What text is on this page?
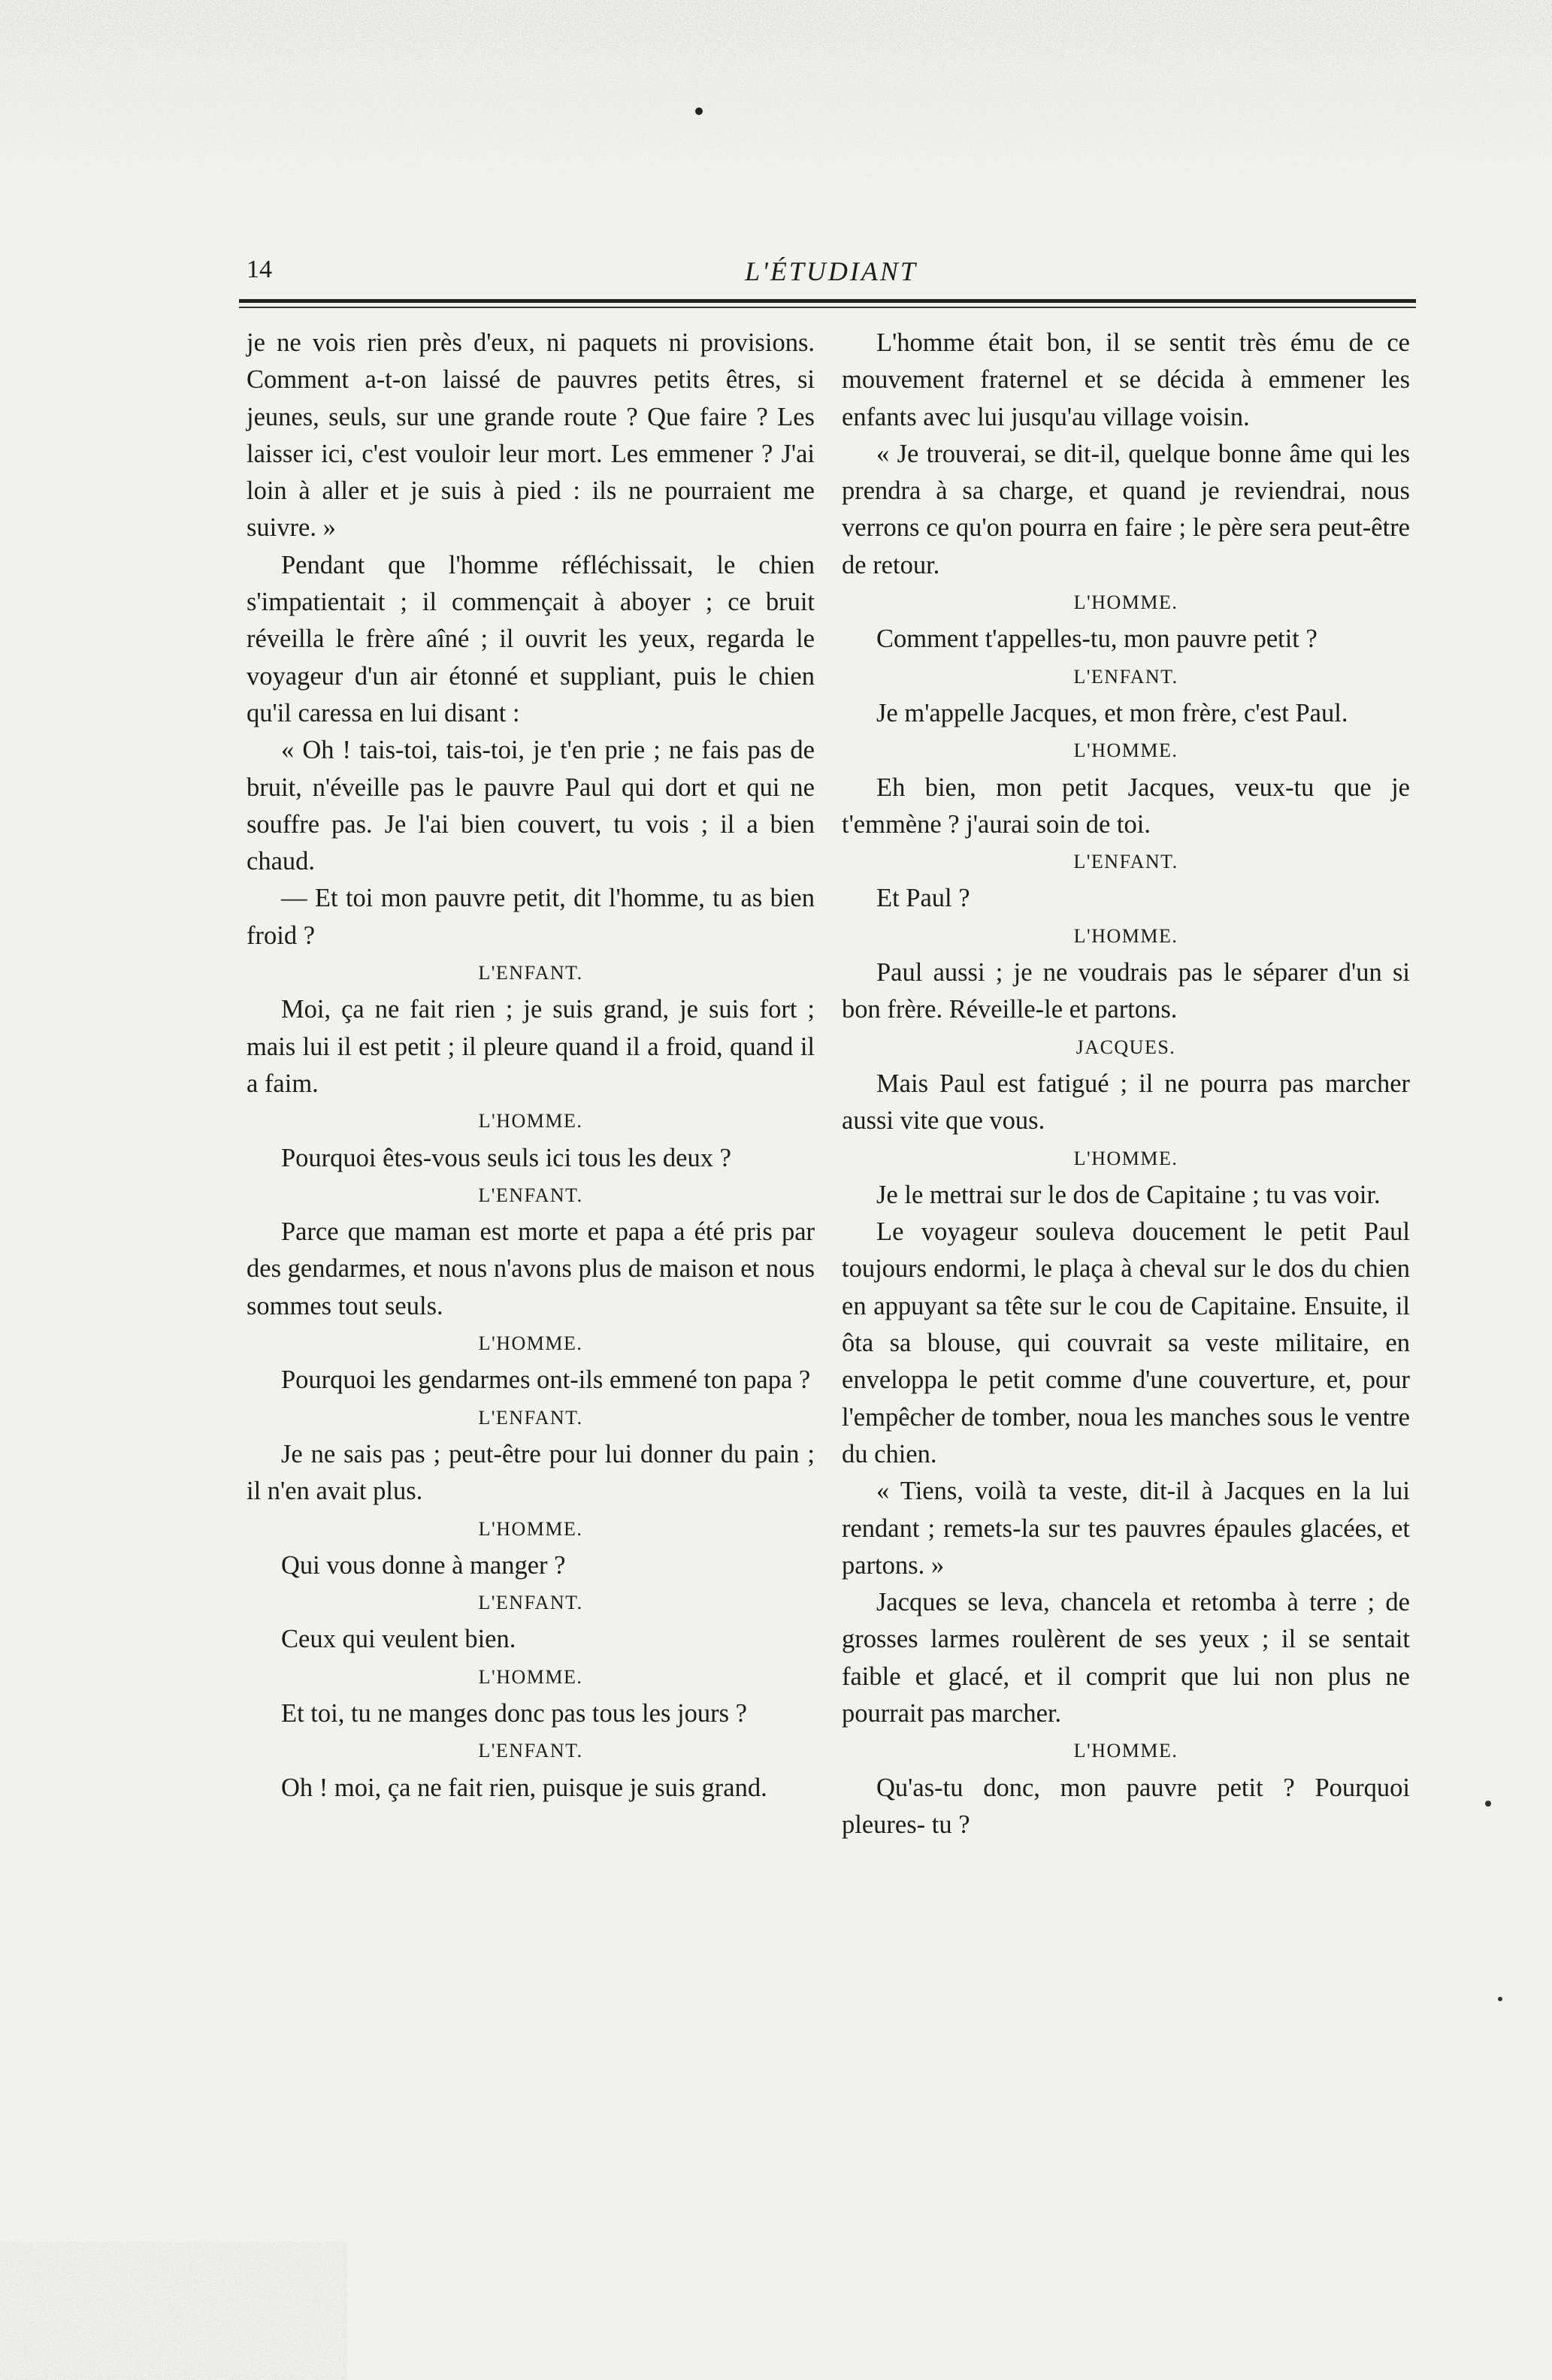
14	L'ÉTUDIANT

je ne vois rien près d'eux, ni paquets ni provisions. Comment a-t-on laissé de pauvres petits êtres, si jeunes, seuls, sur une grande route ? Que faire ? Les laisser ici, c'est vouloir leur mort. Les emmener ? J'ai loin à aller et je suis à pied : ils ne pourraient me suivre. »

Pendant que l'homme réfléchissait, le chien s'impatientait ; il commençait à aboyer ; ce bruit réveilla le frère aîné ; il ouvrit les yeux, regarda le voyageur d'un air étonné et suppliant, puis le chien qu'il caressa en lui disant :

« Oh ! tais-toi, tais-toi, je t'en prie ; ne fais pas de bruit, n'éveille pas le pauvre Paul qui dort et qui ne souffre pas. Je l'ai bien couvert, tu vois ; il a bien chaud.

— Et toi mon pauvre petit, dit l'homme, tu as bien froid ?

L'ENFANT.

Moi, ça ne fait rien ; je suis grand, je suis fort ; mais lui il est petit ; il pleure quand il a froid, quand il a faim.

L'HOMME.

Pourquoi êtes-vous seuls ici tous les deux ?

L'ENFANT.

Parce que maman est morte et papa a été pris par des gendarmes, et nous n'avons plus de maison et nous sommes tout seuls.

L'HOMME.

Pourquoi les gendarmes ont-ils emmené ton papa ?

L'ENFANT.

Je ne sais pas ; peut-être pour lui donner du pain ; il n'en avait plus.

L'HOMME.

Qui vous donne à manger ?

L'ENFANT.

Ceux qui veulent bien.

L'HOMME.

Et toi, tu ne manges donc pas tous les jours ?

L'ENFANT.

Oh ! moi, ça ne fait rien, puisque je suis grand.

L'homme était bon, il se sentit très ému de ce mouvement fraternel et se décida à emmener les enfants avec lui jusqu'au village voisin.

« Je trouverai, se dit-il, quelque bonne âme qui les prendra à sa charge, et quand je reviendrai, nous verrons ce qu'on pourra en faire ; le père sera peut-être de retour.

L'HOMME.

Comment t'appelles-tu, mon pauvre petit ?

L'ENFANT.

Je m'appelle Jacques, et mon frère, c'est Paul.

L'HOMME.

Eh bien, mon petit Jacques, veux-tu que je t'emmène ? j'aurai soin de toi.

L'ENFANT.

Et Paul ?

L'HOMME.

Paul aussi ; je ne voudrais pas le séparer d'un si bon frère. Réveille-le et partons.

JACQUES.

Mais Paul est fatigué ; il ne pourra pas marcher aussi vite que vous.

L'HOMME.

Je le mettrai sur le dos de Capitaine ; tu vas voir.

Le voyageur souleva doucement le petit Paul toujours endormi, le plaça à cheval sur le dos du chien en appuyant sa tête sur le cou de Capitaine. Ensuite, il ôta sa blouse, qui couvrait sa veste militaire, en enveloppa le petit comme d'une couverture, et, pour l'empêcher de tomber, noua les manches sous le ventre du chien.

« Tiens, voilà ta veste, dit-il à Jacques en la lui rendant ; remets-la sur tes pauvres épaules glacées, et partons. »

Jacques se leva, chancela et retomba à terre ; de grosses larmes roulèrent de ses yeux ; il se sentait faible et glacé, et il comprit que lui non plus ne pourrait pas marcher.

L'HOMME.

Qu'as-tu donc, mon pauvre petit ? Pourquoi pleures- tu ?
